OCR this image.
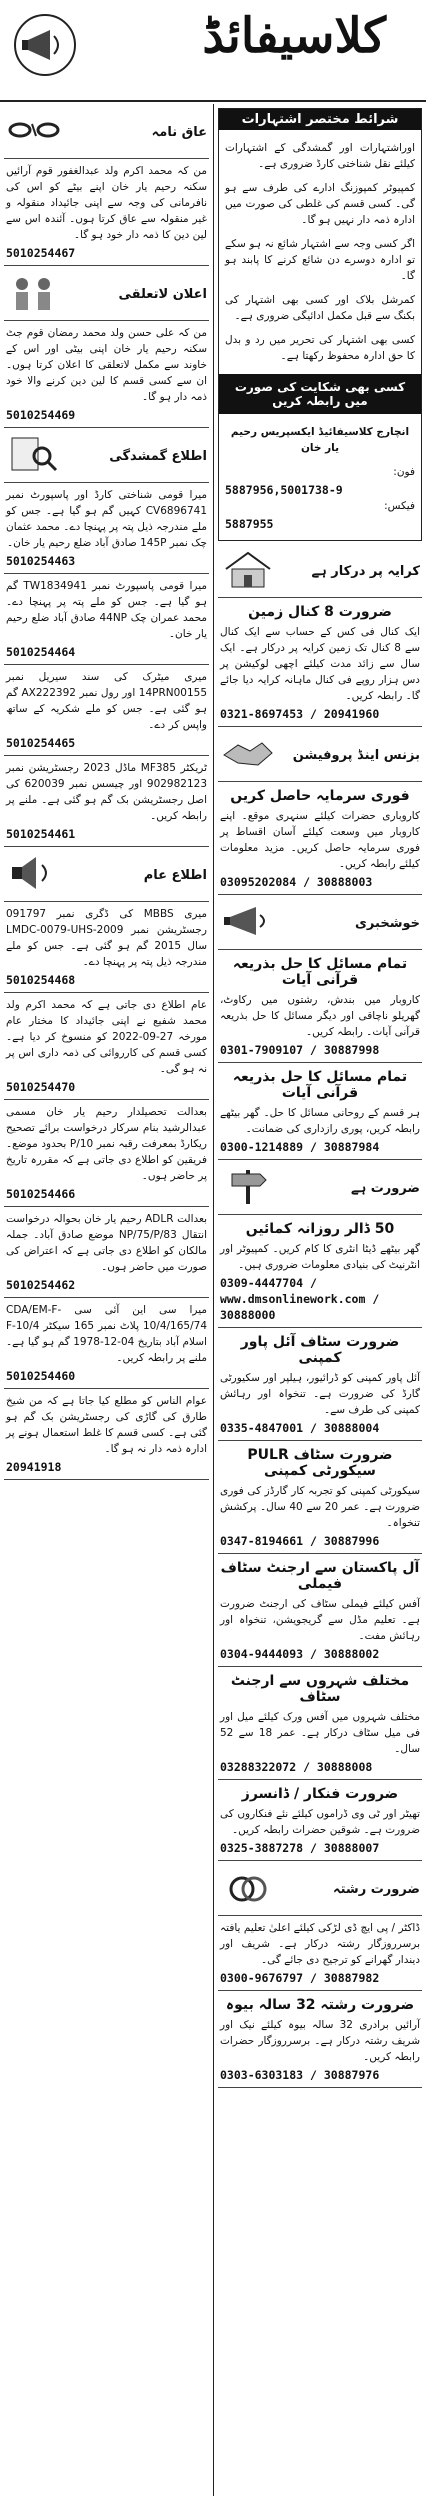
کلاسیفائڈ
شرائط مختصر اشتہارات
اوراشتہارات اور گمشدگی کے اشتہارات کیلئے نقل شناختی کارڈ ضروری ہے۔
کمپیوٹر کمپوزنگ ادارے کی طرف سے ہو گی۔ کسی قسم کی غلطی کی صورت میں ادارہ ذمہ دار نہیں ہو گا۔
اگر کسی وجہ سے اشتہار شائع نہ ہو سکے تو ادارہ دوسرے دن شائع کرنے کا پابند ہو گا۔
کمرشل بلاک اور کسی بھی اشتہار کی بکنگ سے قبل مکمل ادائیگی ضروری ہے۔
کسی بھی اشتہار کی تحریر میں رد و بدل کا حق ادارہ محفوظ رکھتا ہے۔
کسی بھی شکایت کی صورت میں رابطہ کریں
انچارج کلاسیفائیڈ ایکسپریس رحیم یار خان
فون:
5887956,5001738-9
فیکس:
5887955
کرایہ پر درکار ہے
ضرورت 8 کنال زمین
ایک کنال فی کس کے حساب سے ایک کنال سے 8 کنال تک زمین کرایہ پر درکار ہے۔ ایک سال سے زائد مدت کیلئے اچھی لوکیشن پر دس ہزار روپے فی کنال ماہانہ کرایہ دیا جائے گا۔ رابطہ کریں۔
0321-8697453 / 20941960
بزنس اینڈ پروفیشن
فوری سرمایہ حاصل کریں
کاروباری حضرات کیلئے سنہری موقع۔ اپنے کاروبار میں وسعت کیلئے آسان اقساط پر فوری سرمایہ حاصل کریں۔ مزید معلومات کیلئے رابطہ کریں۔
03095202084 / 30888003
خوشخبری
تمام مسائل کا حل بذریعہ قرآنی آیات
کاروبار میں بندش، رشتوں میں رکاوٹ، گھریلو ناچاقی اور دیگر مسائل کا حل بذریعہ قرآنی آیات۔ رابطہ کریں۔
0301-7909107 / 30887998
تمام مسائل کا حل بذریعہ قرآنی آیات
ہر قسم کے روحانی مسائل کا حل۔ گھر بیٹھے رابطہ کریں، پوری رازداری کی ضمانت۔
0300-1214889 / 30887984
ضرورت ہے
50 ڈالر روزانہ کمائیں
گھر بیٹھے ڈیٹا انٹری کا کام کریں۔ کمپیوٹر اور انٹرنیٹ کی بنیادی معلومات ضروری ہیں۔
0309-4447704 / www.dmsonlinework.com / 30888000
ضرورت سٹاف آئل پاور کمپنی
آئل پاور کمپنی کو ڈرائیور، ہیلپر اور سکیورٹی گارڈ کی ضرورت ہے۔ تنخواہ اور رہائش کمپنی کی طرف سے۔
0335-4847001 / 30888004
ضرورت سٹاف PULR سیکورٹی کمپنی
سیکورٹی کمپنی کو تجربہ کار گارڈز کی فوری ضرورت ہے۔ عمر 20 سے 40 سال۔ پرکشش تنخواہ۔
0347-8194661 / 30887996
آل پاکستان سے ارجنٹ سٹاف فیملی
آفس کیلئے فیملی سٹاف کی ارجنٹ ضرورت ہے۔ تعلیم مڈل سے گریجویشن، تنخواہ اور رہائش مفت۔
0304-9444093 / 30888002
مختلف شہروں سے ارجنٹ سٹاف
مختلف شہروں میں آفس ورک کیلئے میل اور فی میل سٹاف درکار ہے۔ عمر 18 سے 52 سال۔
03288322072 / 30888008
ضرورت فنکار / ڈانسرز
تھیٹر اور ٹی وی ڈراموں کیلئے نئے فنکاروں کی ضرورت ہے۔ شوقین حضرات رابطہ کریں۔
0325-3887278 / 30888007
ضرورت رشتہ
ڈاکٹر / پی ایچ ڈی لڑکی کیلئے اعلیٰ تعلیم یافتہ برسرروزگار رشتہ درکار ہے۔ شریف اور دیندار گھرانے کو ترجیح دی جائے گی۔
0300-9676797 / 30887982
ضرورت رشتہ 32 سالہ بیوہ
آرائیں برادری 32 سالہ بیوہ کیلئے نیک اور شریف رشتہ درکار ہے۔ برسرروزگار حضرات رابطہ کریں۔
0303-6303183 / 30887976
عاق نامہ
من کہ محمد اکرم ولد عبدالغفور قوم آرائیں سکنہ رحیم یار خان اپنے بیٹے کو اس کی نافرمانی کی وجہ سے اپنی جائیداد منقولہ و غیر منقولہ سے عاق کرتا ہوں۔ آئندہ اس سے لین دین کا ذمہ دار خود ہو گا۔
5010254467
اعلان لاتعلقی
من کہ علی حسن ولد محمد رمضان قوم جٹ سکنہ رحیم یار خان اپنی بیٹی اور اس کے خاوند سے مکمل لاتعلقی کا اعلان کرتا ہوں۔ ان سے کسی قسم کا لین دین کرنے والا خود ذمہ دار ہو گا۔
5010254469
اطلاع گمشدگی
میرا قومی شناختی کارڈ اور پاسپورٹ نمبر CV6896741 کہیں گم ہو گیا ہے۔ جس کو ملے مندرجہ ذیل پتہ پر پہنچا دے۔ محمد عثمان چک نمبر 145P صادق آباد ضلع رحیم یار خان۔
5010254463
میرا قومی پاسپورٹ نمبر TW1834941 گم ہو گیا ہے۔ جس کو ملے پتہ پر پہنچا دے۔ محمد عمران چک 44NP صادق آباد ضلع رحیم یار خان۔
5010254464
میری میٹرک کی سند سیریل نمبر 14PRN00155 اور رول نمبر AX222392 گم ہو گئی ہے۔ جس کو ملے شکریہ کے ساتھ واپس کر دے۔
5010254465
ٹریکٹر MF385 ماڈل 2023 رجسٹریشن نمبر 902982123 اور چیسس نمبر 620039 کی اصل رجسٹریشن بک گم ہو گئی ہے۔ ملنے پر رابطہ کریں۔
5010254461
اطلاع عام
میری MBBS کی ڈگری نمبر 091797 رجسٹریشن نمبر 2009-LMDC-0079-UHS سال 2015 گم ہو گئی ہے۔ جس کو ملے مندرجہ ذیل پتہ پر پہنچا دے۔
5010254468
عام اطلاع دی جاتی ہے کہ محمد اکرم ولد محمد شفیع نے اپنی جائیداد کا مختار عام مورخہ 27-09-2022 کو منسوخ کر دیا ہے۔ کسی قسم کی کارروائی کی ذمہ داری اس پر نہ ہو گی۔
5010254470
بعدالت تحصیلدار رحیم یار خان مسمی عبدالرشید بنام سرکار درخواست برائے تصحیح ریکارڈ بمعرفت رقبہ نمبر 10/P بحدود موضع۔ فریقین کو اطلاع دی جاتی ہے کہ مقررہ تاریخ پر حاضر ہوں۔
5010254466
بعدالت ADLR رحیم یار خان بحوالہ درخواست انتقال 83/NP/75/P موضع صادق آباد۔ جملہ مالکان کو اطلاع دی جاتی ہے کہ اعتراض کی صورت میں حاضر ہوں۔
5010254462
میرا سی این آئی سی CDA/EM-F-10/4/165/74 پلاٹ نمبر 165 سیکٹر F-10/4 اسلام آباد بتاریخ 04-12-1978 گم ہو گیا ہے۔ ملنے پر رابطہ کریں۔
5010254460
عوام الناس کو مطلع کیا جاتا ہے کہ من شیخ طارق کی گاڑی کی رجسٹریشن بک گم ہو گئی ہے۔ کسی قسم کا غلط استعمال ہونے پر ادارہ ذمہ دار نہ ہو گا۔
20941918
